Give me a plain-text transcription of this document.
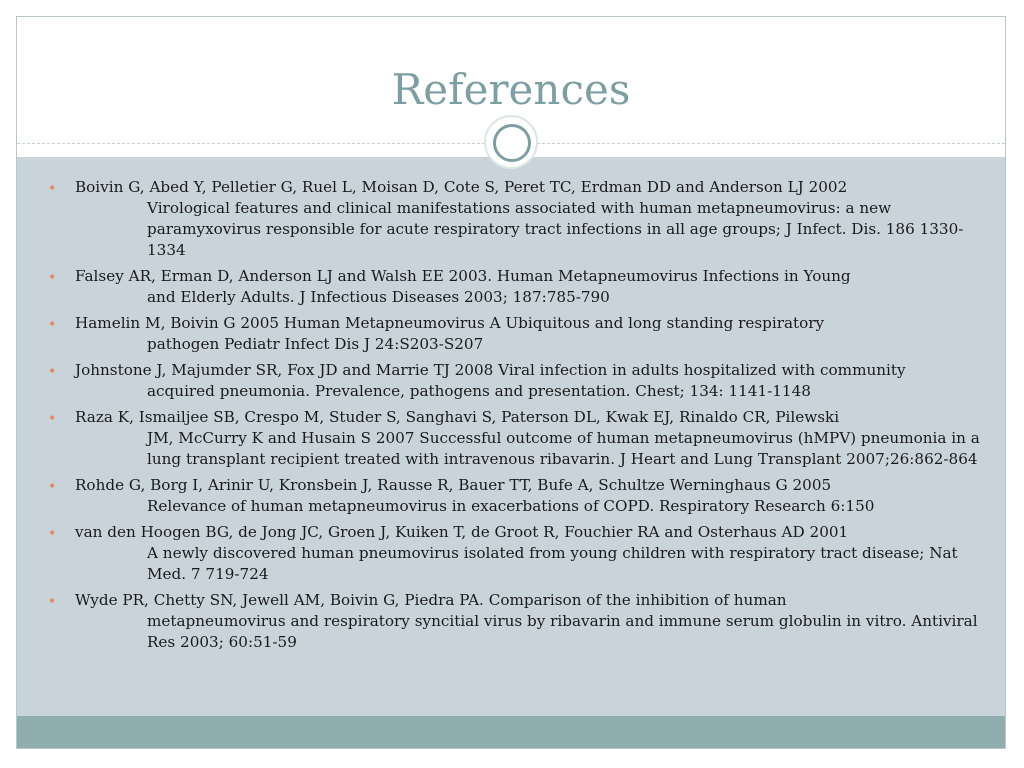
References
• Boivin G, Abed Y, Pelletier G, Ruel L, Moisan D, Cote S, Peret TC, Erdman DD and Anderson LJ 2002
Virological features and clinical manifestations associated with human metapneumovirus: a new paramyxovirus responsible for acute respiratory tract infections in all age groups; J Infect. Dis. 186 1330-1334
• Falsey AR, Erman D, Anderson LJ and Walsh EE 2003. Human Metapneumovirus Infections in Young
and Elderly Adults. J Infectious Diseases 2003; 187:785-790
• Hamelin M, Boivin G 2005 Human Metapneumovirus A Ubiquitous and long standing respiratory
pathogen Pediatr Infect Dis J 24:S203-S207
• Johnstone J, Majumder SR, Fox JD and Marrie TJ 2008 Viral infection in adults hospitalized with community
acquired pneumonia. Prevalence, pathogens and presentation. Chest; 134: 1141-1148
• Raza K, Ismailjee SB, Crespo M, Studer S, Sanghavi S, Paterson DL, Kwak EJ, Rinaldo CR, Pilewski
JM, McCurry K and Husain S 2007 Successful outcome of human metapneumovirus (hMPV) pneumonia in a lung transplant recipient treated with intravenous ribavarin. J Heart and Lung Transplant 2007;26:862-864
• Rohde G, Borg I, Arinir U, Kronsbein J, Rausse R, Bauer TT, Bufe A, Schultze Werninghaus G 2005
Relevance of human metapneumovirus in exacerbations of COPD. Respiratory Research 6:150
• van den Hoogen BG, de Jong JC, Groen J, Kuiken T, de Groot R, Fouchier RA and Osterhaus AD 2001
A newly discovered human pneumovirus isolated from young children with respiratory tract disease; Nat Med. 7 719-724
• Wyde PR, Chetty SN, Jewell AM, Boivin G, Piedra PA. Comparison of the inhibition of human
metapneumovirus and respiratory syncitial virus by ribavarin and immune serum globulin in vitro. Antiviral Res 2003; 60:51-59
